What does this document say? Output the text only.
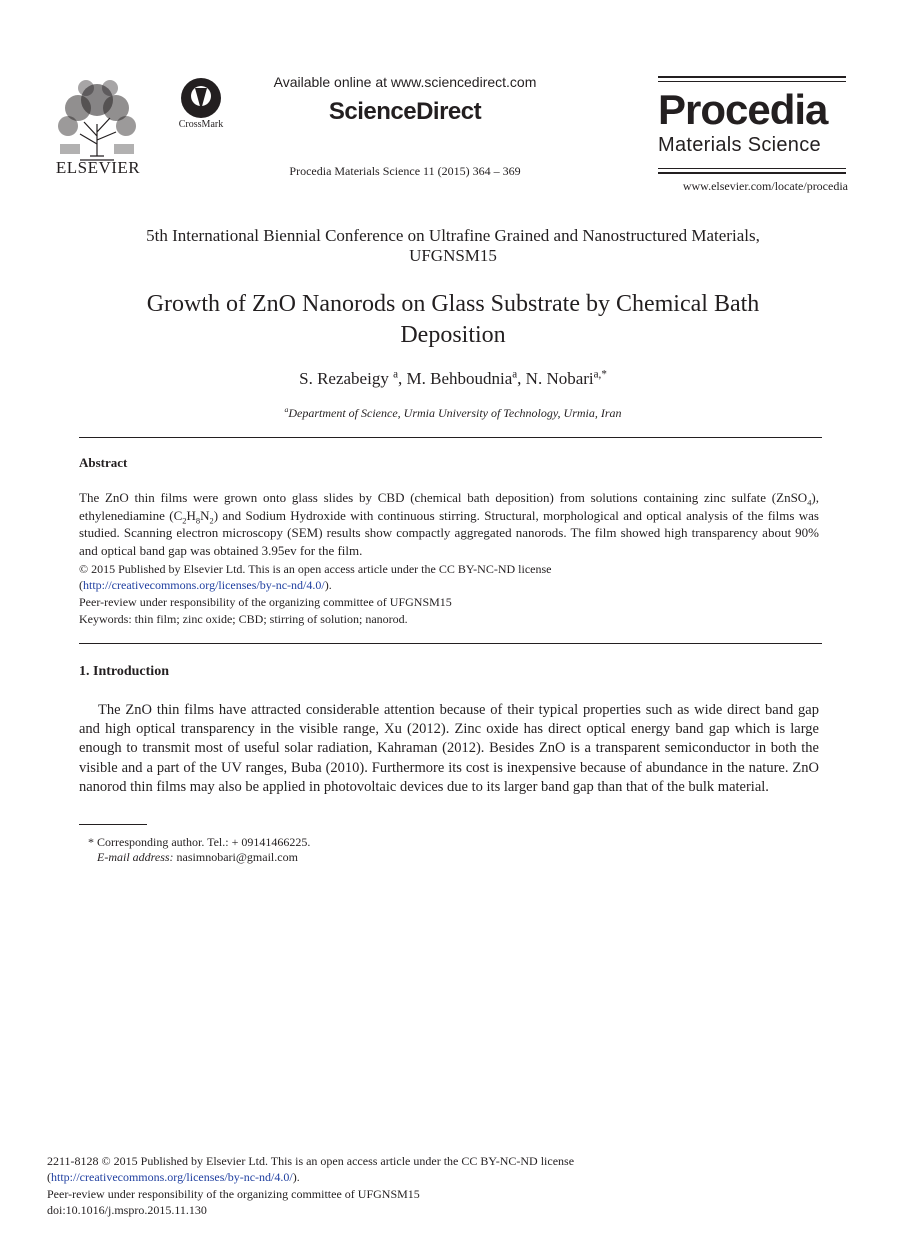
ELSEVIER
CrossMark
Available online at www.sciencedirect.com
ScienceDirect
Procedia Materials Science 11 (2015) 364 – 369
Procedia
Materials Science
www.elsevier.com/locate/procedia
5th International Biennial Conference on Ultrafine Grained and Nanostructured Materials,
UFGNSM15
Growth of ZnO Nanorods on Glass Substrate by Chemical Bath
Deposition
S. Rezabeigy $^a$, M. Behboudnia$^a$, N. Nobari$^{a,*}$
$^a$Department of Science, Urmia University of Technology, Urmia, Iran
Abstract
The ZnO thin films were grown onto glass slides by CBD (chemical bath deposition) from solutions containing zinc sulfate (ZnSO$_4$), ethylenediamine $(C_2H_8N_2)$ and Sodium Hydroxide with continuous stirring. Structural, morphological and optical analysis of the films was studied. Scanning electron microscopy (SEM) results show compactly aggregated nanorods. The film showed high transparency about 90% and optical band gap was obtained 3.95ev for the film.
© 2015 Published by Elsevier Ltd. This is an open access article under the CC BY-NC-ND license
(http://creativecommons.org/licenses/by-nc-nd/4.0/).
Peer-review under responsibility of the organizing committee of UFGNSM15
Keywords: thin film; zinc oxide; CBD; stirring of solution; nanorod.
1. Introduction
The ZnO thin films have attracted considerable attention because of their typical properties such as wide direct band gap and high optical transparency in the visible range, Xu (2012). Zinc oxide has direct optical energy band gap which is large enough to transmit most of useful solar radiation, Kahraman (2012). Besides ZnO is a transparent semiconductor in both the visible and a part of the UV ranges, Buba (2010). Furthermore its cost is inexpensive because of abundance in the nature. ZnO nanorod thin films may also be applied in photovoltaic devices due to its larger band gap than that of the bulk material.
* Corresponding author. Tel.: + 09141466225.
E-mail address: nasimnobari@gmail.com
2211-8128 © 2015 Published by Elsevier Ltd. This is an open access article under the CC BY-NC-ND license
(http://creativecommons.org/licenses/by-nc-nd/4.0/).
Peer-review under responsibility of the organizing committee of UFGNSM15
doi:10.1016/j.mspro.2015.11.130
